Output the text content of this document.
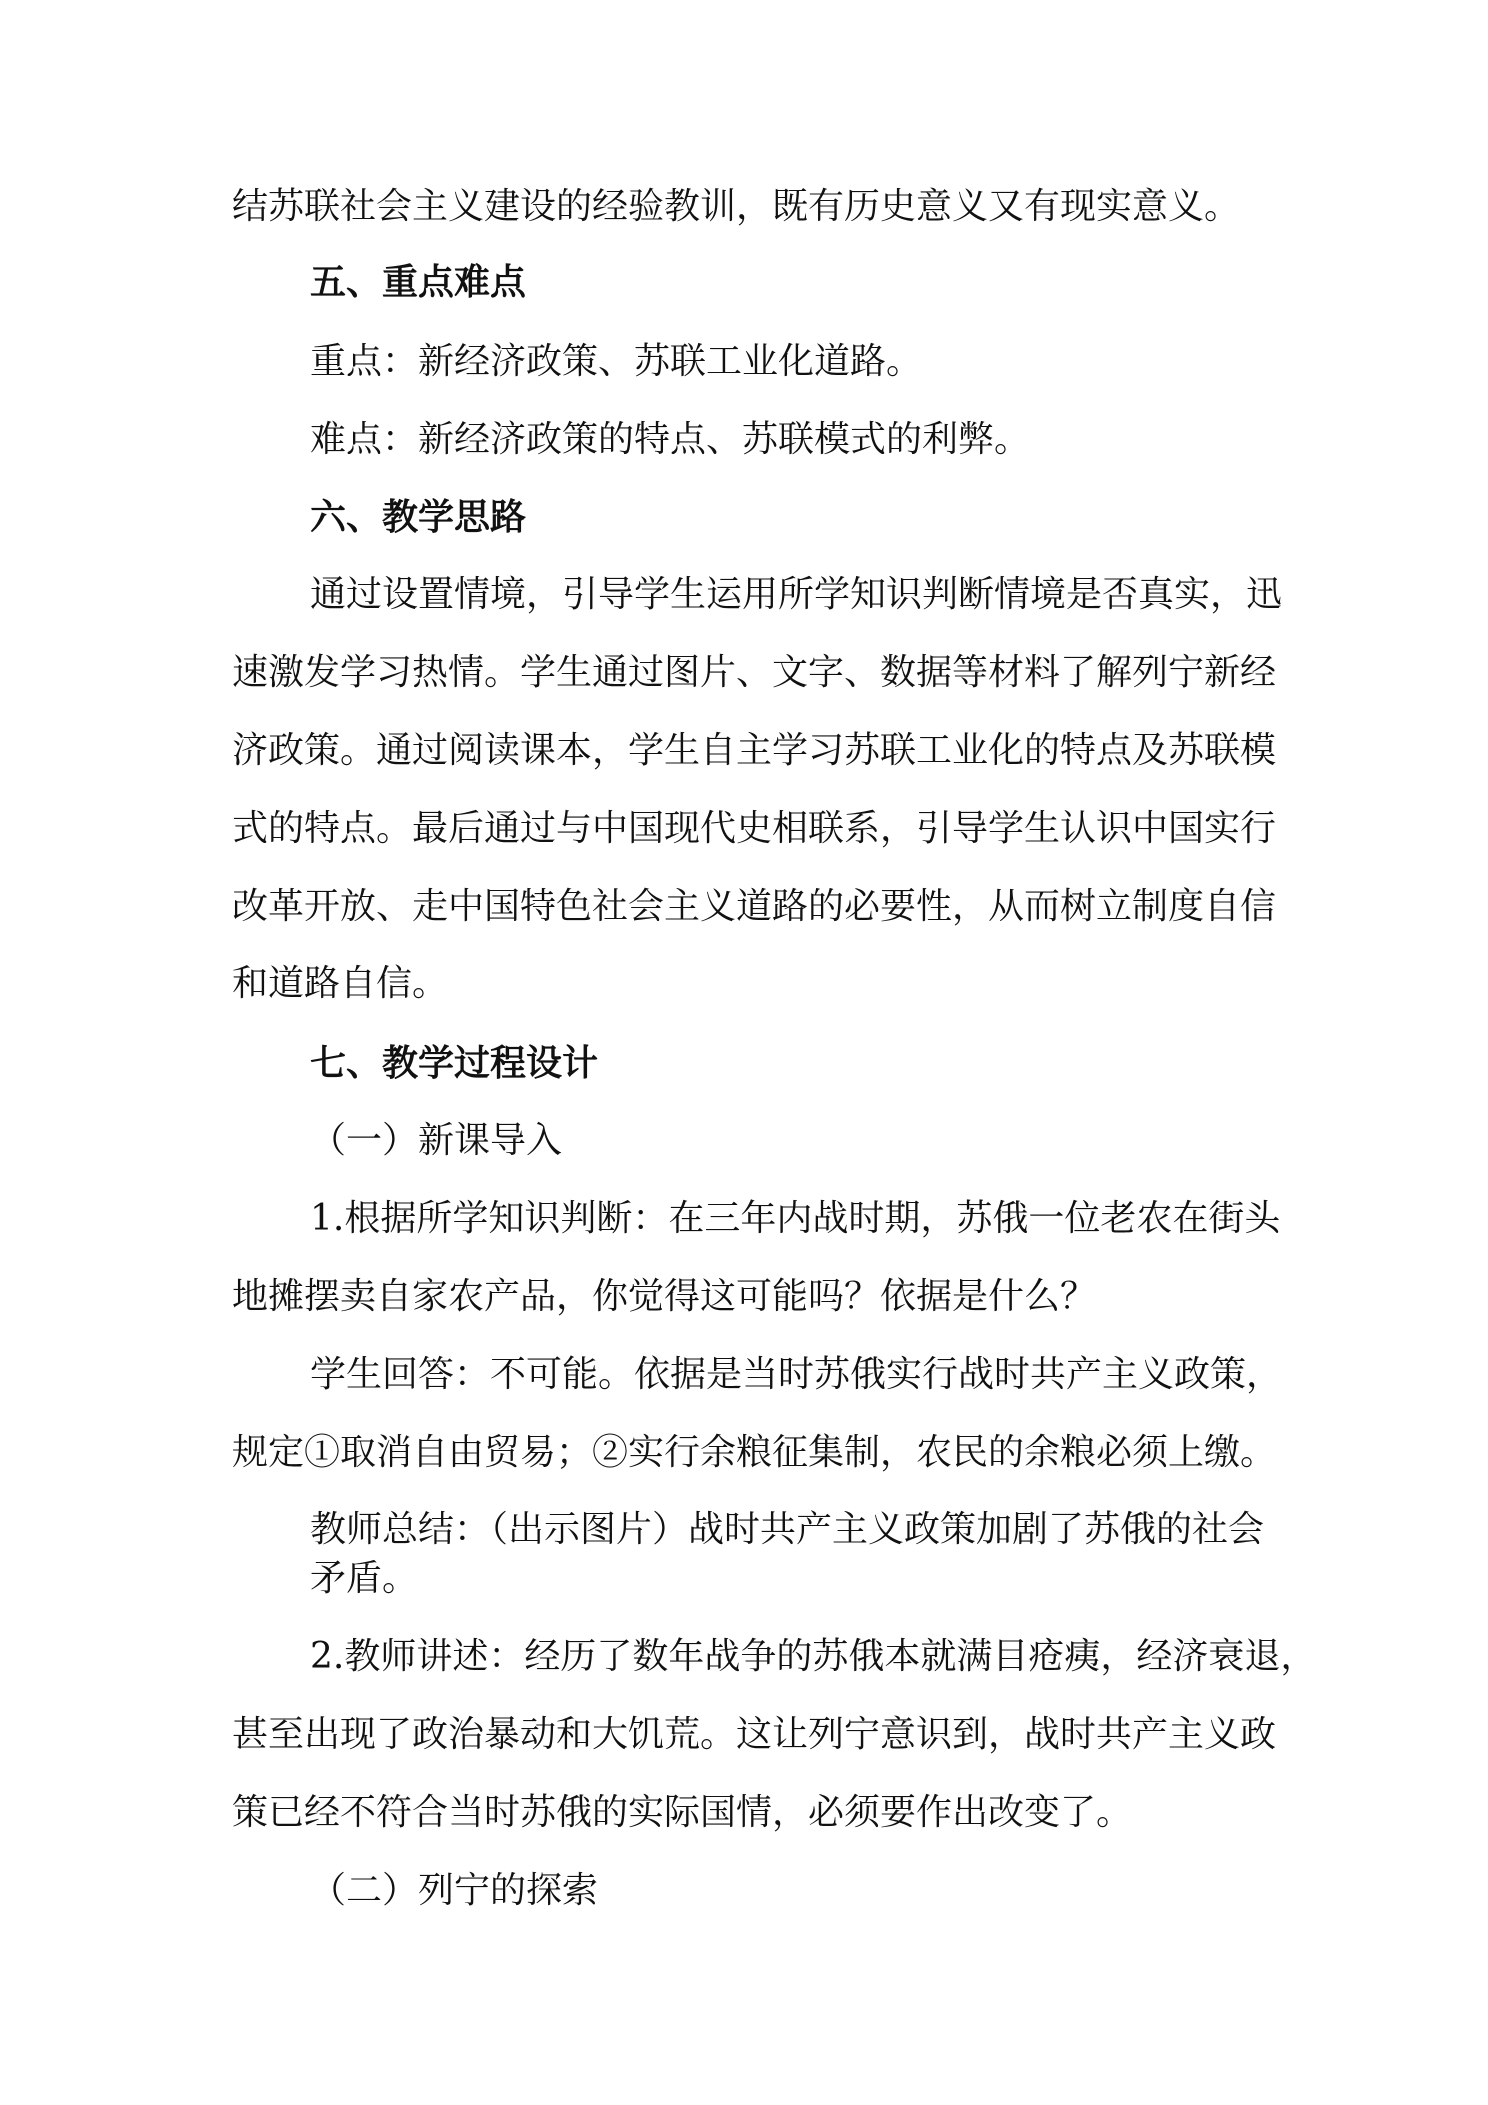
结苏联社会主义建设的经验教训，既有历史意义又有现实意义。
五、重点难点
重点：新经济政策、苏联工业化道路。
难点：新经济政策的特点、苏联模式的利弊。
六、教学思路
通过设置情境，引导学生运用所学知识判断情境是否真实，迅
速激发学习热情。学生通过图片、文字、数据等材料了解列宁新经
济政策。通过阅读课本，学生自主学习苏联工业化的特点及苏联模
式的特点。最后通过与中国现代史相联系，引导学生认识中国实行
改革开放、走中国特色社会主义道路的必要性，从而树立制度自信
和道路自信。
七、教学过程设计
（一）新课导入
1.根据所学知识判断：在三年内战时期，苏俄一位老农在街头
地摊摆卖自家农产品，你觉得这可能吗？依据是什么？
学生回答：不可能。依据是当时苏俄实行战时共产主义政策，
规定①取消自由贸易；②实行余粮征集制，农民的余粮必须上缴。
教师总结：（出示图片）战时共产主义政策加剧了苏俄的社会
矛盾。
2.教师讲述：经历了数年战争的苏俄本就满目疮痍，经济衰退，
甚至出现了政治暴动和大饥荒。这让列宁意识到，战时共产主义政
策已经不符合当时苏俄的实际国情，必须要作出改变了。
（二）列宁的探索
